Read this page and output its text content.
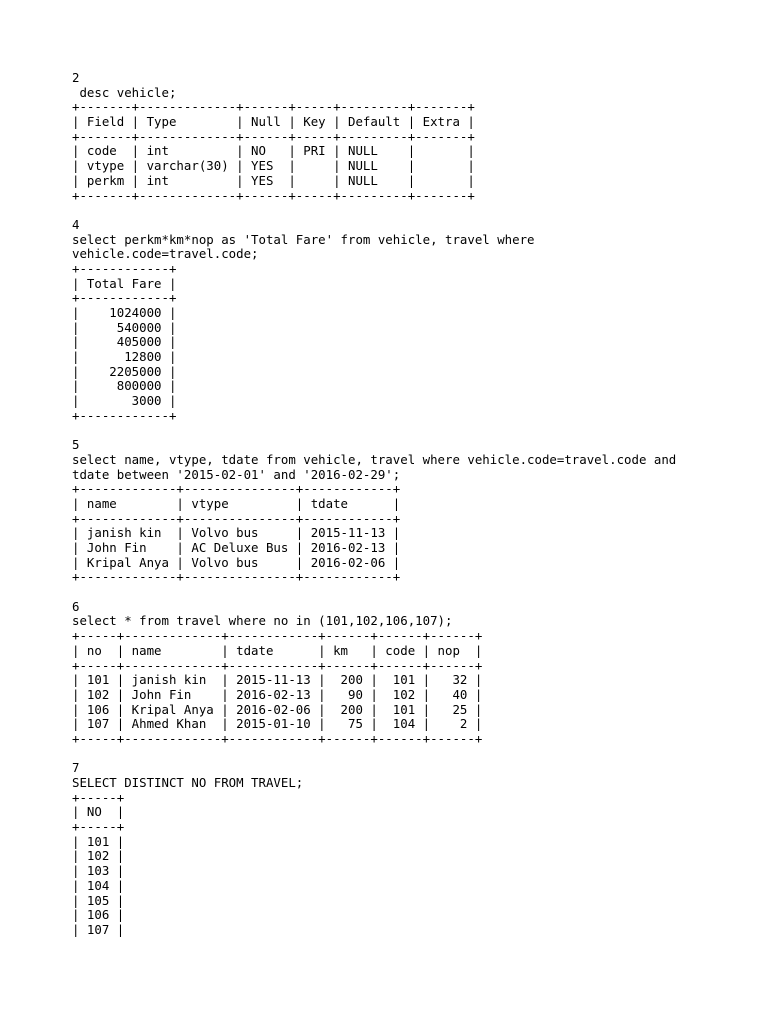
2
desc vehicle;
+-------+-------------+------+-----+---------+-------+
| Field | Type        | Null | Key | Default | Extra |
+-------+-------------+------+-----+---------+-------+
| code  | int         | NO   | PRI | NULL    |       |
| vtype | varchar(30) | YES  |     | NULL    |       |
| perkm | int         | YES  |     | NULL    |       |
+-------+-------------+------+-----+---------+-------+
4
select perkm*km*nop as 'Total Fare' from vehicle, travel where
vehicle.code=travel.code;
+------------+
| Total Fare |
+------------+
|    1024000 |
|     540000 |
|     405000 |
|      12800 |
|    2205000 |
|     800000 |
|       3000 |
+------------+
5
select name, vtype, tdate from vehicle, travel where vehicle.code=travel.code and
tdate between '2015-02-01' and '2016-02-29';
+-------------+---------------+------------+
| name        | vtype         | tdate      |
+-------------+---------------+------------+
| janish kin  | Volvo bus     | 2015-11-13 |
| John Fin    | AC Deluxe Bus | 2016-02-13 |
| Kripal Anya | Volvo bus     | 2016-02-06 |
+-------------+---------------+------------+
6
select * from travel where no in (101,102,106,107);
+-----+-------------+------------+------+------+------+
| no  | name        | tdate      | km   | code | nop  |
+-----+-------------+------------+------+------+------+
| 101 | janish kin  | 2015-11-13 |  200 |  101 |   32 |
| 102 | John Fin    | 2016-02-13 |   90 |  102 |   40 |
| 106 | Kripal Anya | 2016-02-06 |  200 |  101 |   25 |
| 107 | Ahmed Khan  | 2015-01-10 |   75 |  104 |    2 |
+-----+-------------+------------+------+------+------+
7
SELECT DISTINCT NO FROM TRAVEL;
+-----+
| NO  |
+-----+
| 101 |
| 102 |
| 103 |
| 104 |
| 105 |
| 106 |
| 107 |
